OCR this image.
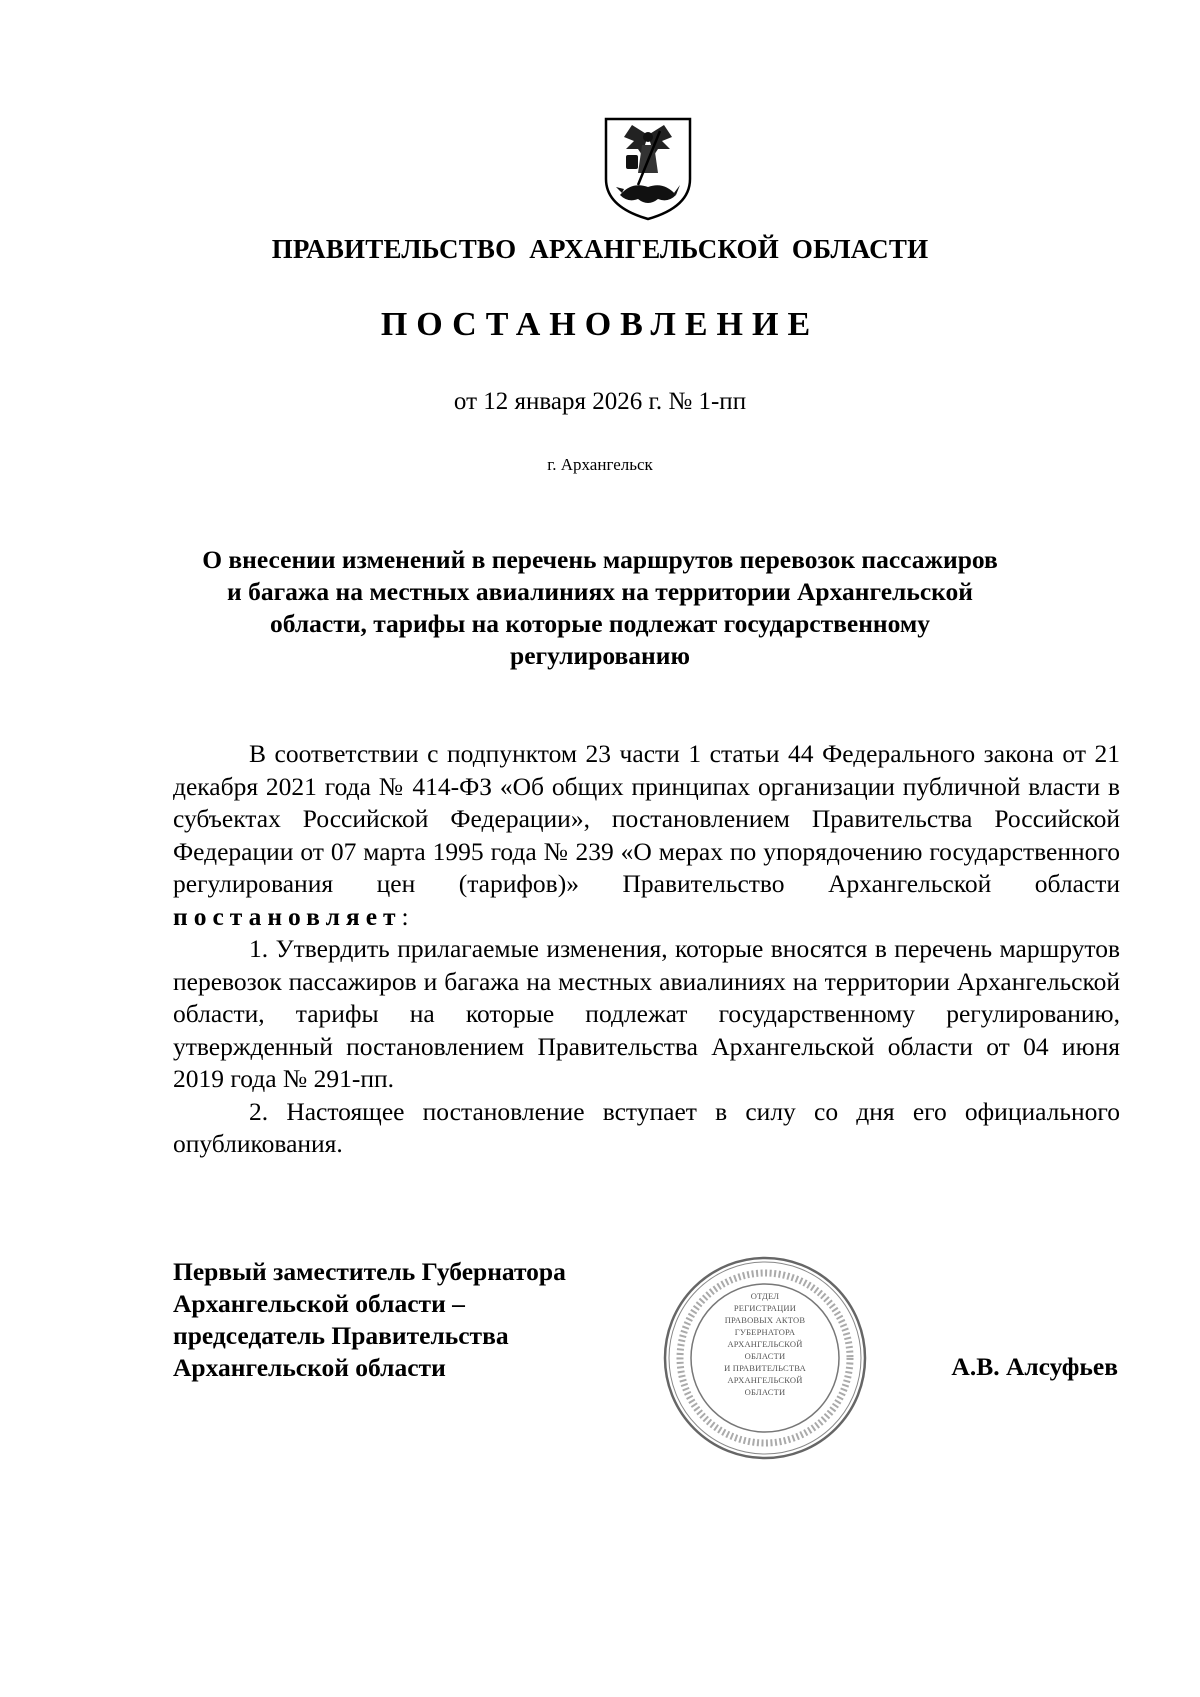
ПРАВИТЕЛЬСТВО АРХАНГЕЛЬСКОЙ ОБЛАСТИ
ПОСТАНОВЛЕНИЕ
от 12 января 2026 г. № 1-пп
г. Архангельск
О внесении изменений в перечень маршрутов перевозок пассажиров и багажа на местных авиалиниях на территории Архангельской области, тарифы на которые подлежат государственному регулированию

В соответствии с подпунктом 23 части 1 статьи 44 Федерального закона от 21 декабря 2021 года № 414-ФЗ «Об общих принципах организации публичной власти в субъектах Российской Федерации», постановлением Правительства Российской Федерации от 07 марта 1995 года № 239 «О мерах по упорядочению государственного регулирования цен (тарифов)» Правительство Архангельской области постановляет:

1. Утвердить прилагаемые изменения, которые вносятся в перечень маршрутов перевозок пассажиров и багажа на местных авиалиниях на территории Архангельской области, тарифы на которые подлежат государственному регулированию, утвержденный постановлением Правительства Архангельской области от 04 июня 2019 года № 291-пп.

2. Настоящее постановление вступает в силу со дня его официального опубликования.

Первый заместитель Губернатора
Архангельской области –
председатель Правительства
Архангельской области
ОТДЕЛ
РЕГИСТРАЦИИ
ПРАВОВЫХ АКТОВ
ГУБЕРНАТОРА
АРХАНГЕЛЬСКОЙ
ОБЛАСТИ
И ПРАВИТЕЛЬСТВА
АРХАНГЕЛЬСКОЙ
ОБЛАСТИ
А.В. Алсуфьев
